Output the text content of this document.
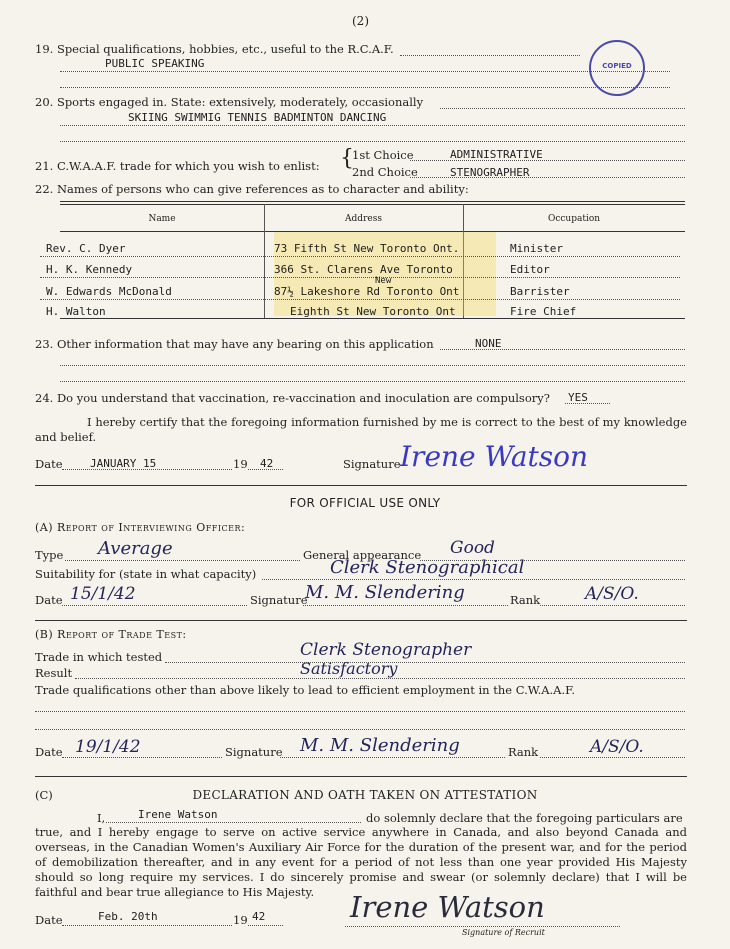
(2)
COPIED
19. Special qualifications, hobbies, etc., useful to the R.C.A.F.
PUBLIC SPEAKING
20. Sports engaged in. State: extensively, moderately, occasionally
SKIING SWIMMIG TENNIS BADMINTON DANCING
21. C.W.A.A.F. trade for which you wish to enlist: {
1st Choice	ADMINISTRATIVE
2nd Choice	STENOGRAPHER
22. Names of persons who can give references as to character and ability:
Name	Address	Occupation
Rev. C. Dyer	73 Fifth St New Toronto Ont.	Minister
H. K. Kennedy	366 St. Clarens Ave Toronto	Editor
New
W. Edwards McDonald	87½ Lakeshore Rd Toronto Ont	Barrister
H. Walton	Eighth St New Toronto Ont	Fire Chief
23. Other information that may have any bearing on this application	NONE
24. Do you understand that vaccination, re-vaccination and inoculation are compulsory? YES
I hereby certify that the foregoing information furnished by me is correct to the best of my knowledge and belief.
Date JANUARY 15	19 42	Signature Irene Watson
FOR OFFICIAL USE ONLY
(A) Report of Interviewing Officer:
Type Average	General appearance Good
Suitability for (state in what capacity)	Clerk Stenographical
Date 15/1/42	Signature
M. M. Slendering	Rank	A/S/O.
(B) Report of Trade Test:
Trade in which tested	Clerk Stenographer
Result	Satisfactory
Trade qualifications other than above likely to lead to efficient employment in the C.W.A.A.F.
Date 19/1/42	Signature M. M. Slendering	Rank	A/S/O.
(C)	DECLARATION AND OATH TAKEN ON ATTESTATION
I,	Irene Watson	do solemnly declare that the foregoing particulars are
true, and I hereby engage to serve on active service anywhere in Canada, and also beyond Canada and overseas, in the Canadian Women's Auxiliary Air Force for the duration of the present war, and for the period of demobilization thereafter, and in any event for a period of not less than one year provided His Majesty should so long require my services. I do sincerely promise and swear (or solemnly declare) that I will be faithful and bear true allegiance to His Majesty.
Date	Feb. 20th	19 42	Irene Watson
Signature of Recruit
